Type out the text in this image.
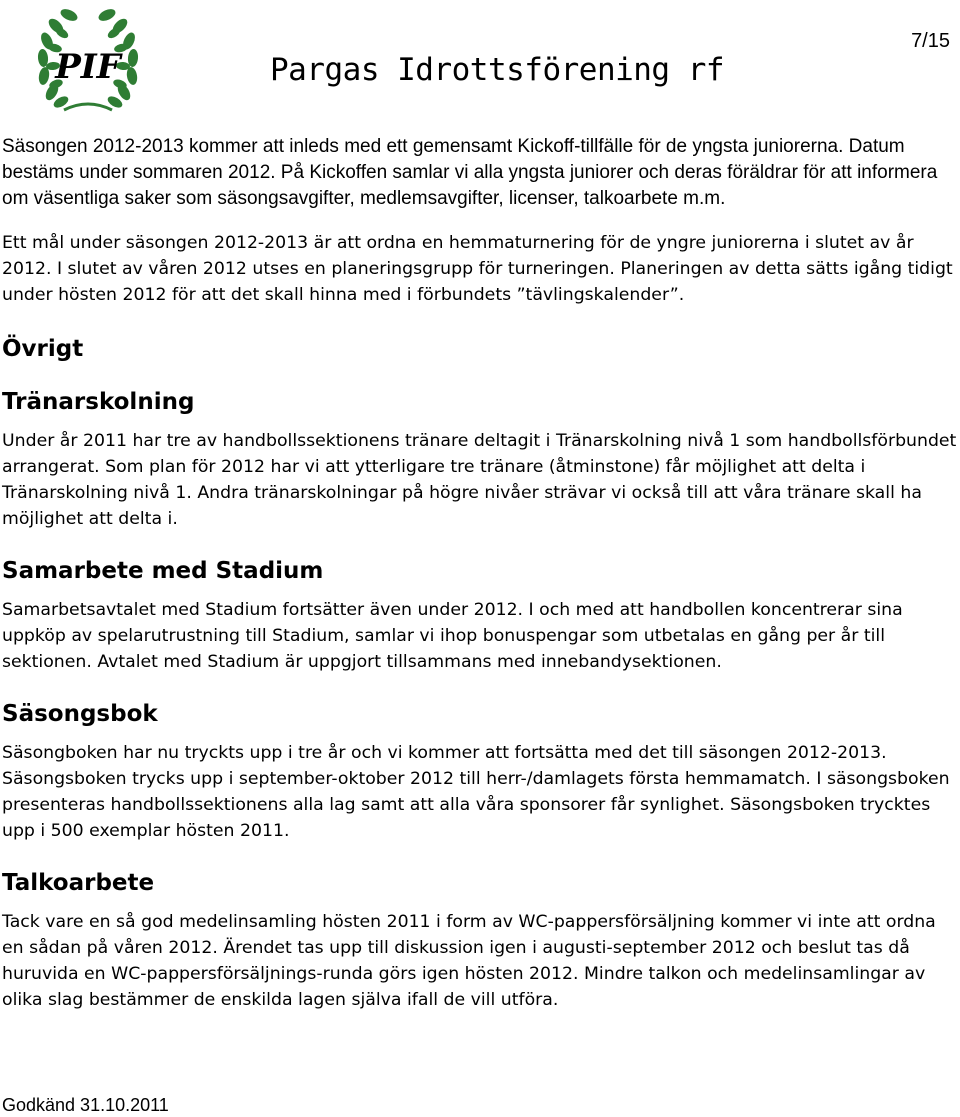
PIF	Pargas Idrottsförening rf
7/15

Säsongen 2012-2013 kommer att inleds med ett gemensamt Kickoff-tillfälle för de yngsta juniorerna. Datum bestäms under sommaren 2012. På Kickoffen samlar vi alla yngsta juniorer och deras föräldrar för att informera om väsentliga saker som säsongsavgifter, medlemsavgifter, licenser, talkoarbete m.m.

Ett mål under säsongen 2012-2013 är att ordna en hemmaturnering för de yngre juniorerna i slutet av år 2012. I slutet av våren 2012 utses en planeringsgrupp för turneringen. Planeringen av detta sätts igång tidigt under hösten 2012 för att det skall hinna med i förbundets ”tävlingskalender”.

Övrigt
Tränarskolning

Under år 2011 har tre av handbollssektionens tränare deltagit i Tränarskolning nivå 1 som handbollsförbundet arrangerat. Som plan för 2012 har vi att ytterligare tre tränare (åtminstone) får möjlighet att delta i Tränarskolning nivå 1. Andra tränarskolningar på högre nivåer strävar vi också till att våra tränare skall ha möjlighet att delta i.

Samarbete med Stadium

Samarbetsavtalet med Stadium fortsätter även under 2012. I och med att handbollen koncentrerar sina uppköp av spelarutrustning till Stadium, samlar vi ihop bonuspengar som utbetalas en gång per år till sektionen. Avtalet med Stadium är uppgjort tillsammans med innebandysektionen.

Säsongsbok

Säsongboken har nu tryckts upp i tre år och vi kommer att fortsätta med det till säsongen 2012-2013. Säsongsboken trycks upp i september-oktober 2012 till herr-/damlagets första hemmamatch. I säsongsboken presenteras handbollssektionens alla lag samt att alla våra sponsorer får synlighet. Säsongsboken trycktes upp i 500 exemplar hösten 2011.

Talkoarbete

Tack vare en så god medelinsamling hösten 2011 i form av WC-pappersförsäljning kommer vi inte att ordna en sådan på våren 2012. Ärendet tas upp till diskussion igen i augusti-september 2012 och beslut tas då huruvida en WC-pappersförsäljnings-runda görs igen hösten 2012. Mindre talkon och medelinsamlingar av olika slag bestämmer de enskilda lagen själva ifall de vill utföra.

Godkänd 31.10.2011
